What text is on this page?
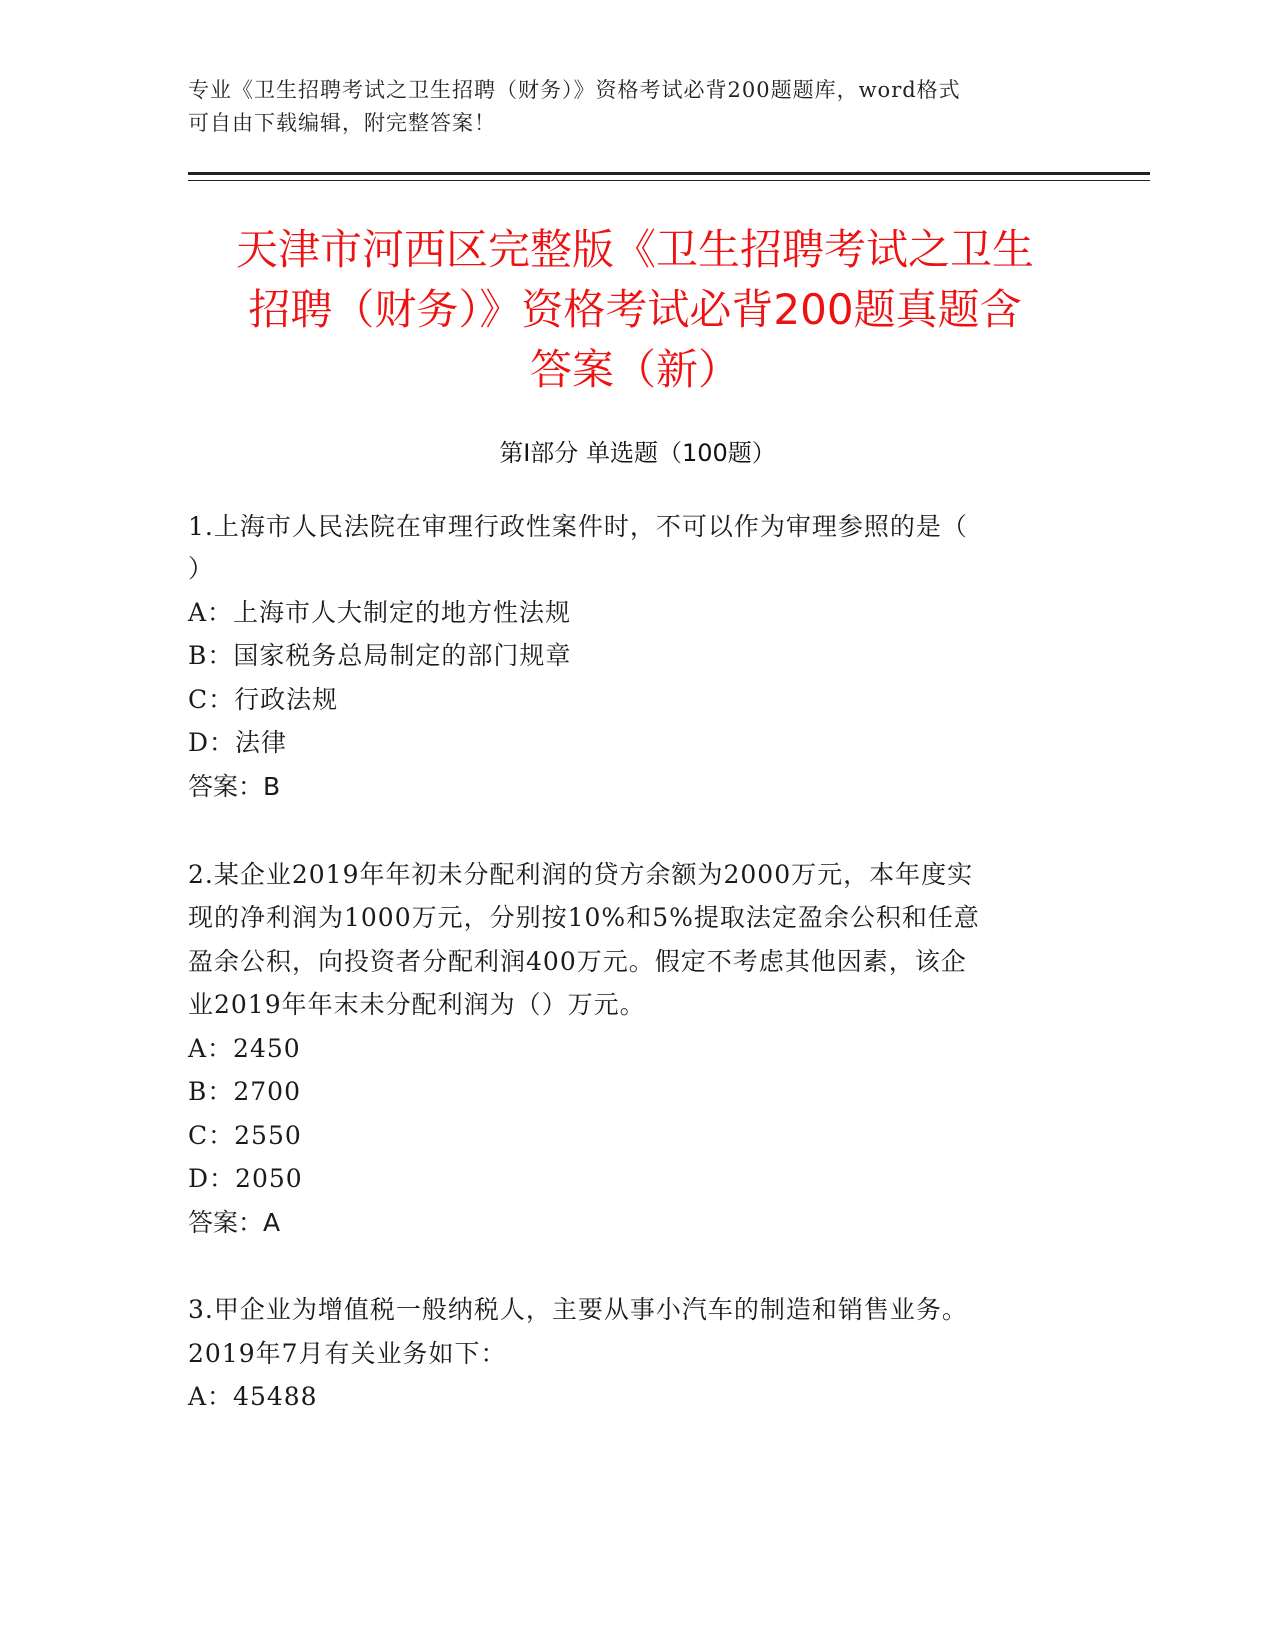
专业《卫生招聘考试之卫生招聘（财务）》资格考试必背200题题库，word格式
可自由下载编辑，附完整答案！
天津市河西区完整版《卫生招聘考试之卫生
招聘（财务）》资格考试必背200题真题含
答案（新）
第Ⅰ部分 单选题（100题）
1.上海市人民法院在审理行政性案件时，不可以作为审理参照的是（
）
A：上海市人大制定的地方性法规
B：国家税务总局制定的部门规章
C：行政法规
D：法律
答案：B
2.某企业2019年年初未分配利润的贷方余额为2000万元，本年度实
现的净利润为1000万元，分别按10%和5%提取法定盈余公积和任意
盈余公积，向投资者分配利润400万元。假定不考虑其他因素，该企
业2019年年末未分配利润为（）万元。
A：2450
B：2700
C：2550
D：2050
答案：A
3.甲企业为增值税一般纳税人，主要从事小汽车的制造和销售业务。
2019年7月有关业务如下：
A：45488
